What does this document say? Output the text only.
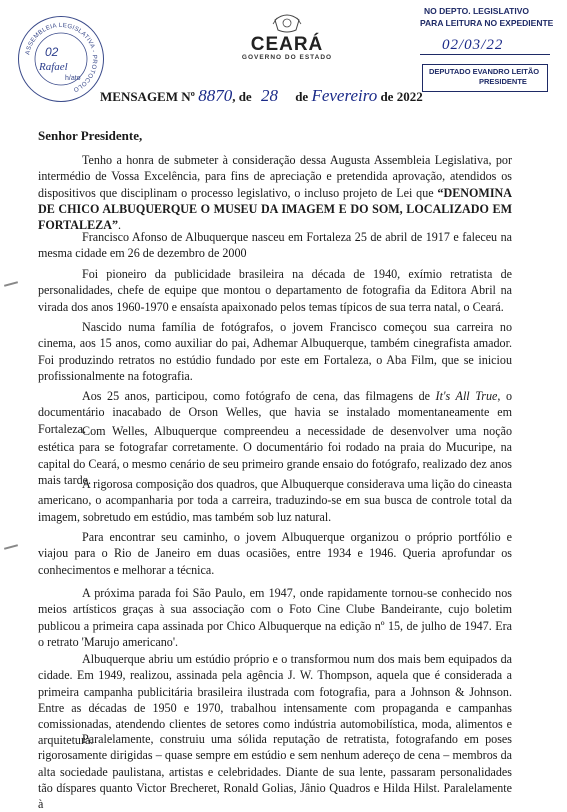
ASSEMBLEIA LEGISLATIVA - PROTOCOLO
02
Rafael
h/ato
CEARÁ
GOVERNO DO ESTADO
NO DEPTO. LEGISLATIVO
PARA LEITURA NO EXPEDIENTE
02/03/22
DEPUTADO EVANDRO LEITÃO
PRESIDENTE
MENSAGEM Nº 8870, de 28 de Fevereiro de 2022
Senhor Presidente,
Tenho a honra de submeter à consideração dessa Augusta Assembleia Legislativa, por intermédio de Vossa Excelência, para fins de apreciação e pretendida aprovação, atendidos os dispositivos que disciplinam o processo legislativo, o incluso projeto de Lei que “DENOMINA DE CHICO ALBUQUERQUE O MUSEU DA IMAGEM E DO SOM, LOCALIZADO EM FORTALEZA”.
Francisco Afonso de Albuquerque nasceu em Fortaleza 25 de abril de 1917 e faleceu na mesma cidade em 26 de dezembro de 2000
Foi pioneiro da publicidade brasileira na década de 1940, exímio retratista de personalidades, chefe de equipe que montou o departamento de fotografia da Editora Abril na virada dos anos 1960-1970 e ensaísta apaixonado pelos temas típicos de sua terra natal, o Ceará.
Nascido numa família de fotógrafos, o jovem Francisco começou sua carreira no cinema, aos 15 anos, como auxiliar do pai, Adhemar Albuquerque, também cinegrafista amador. Foi produzindo retratos no estúdio fundado por este em Fortaleza, o Aba Film, que se iniciou profissionalmente na fotografia.
Aos 25 anos, participou, como fotógrafo de cena, das filmagens de It's All True, o documentário inacabado de Orson Welles, que havia se instalado momentaneamente em Fortaleza.
Com Welles, Albuquerque compreendeu a necessidade de desenvolver uma noção estética para se fotografar corretamente. O documentário foi rodado na praia do Mucuripe, na capital do Ceará, o mesmo cenário de seu primeiro grande ensaio do fotógrafo, realizado dez anos mais tarde.
A rigorosa composição dos quadros, que Albuquerque considerava uma lição do cineasta americano, o acompanharia por toda a carreira, traduzindo-se em sua busca de controle total da imagem, sobretudo em estúdio, mas também sob luz natural.
Para encontrar seu caminho, o jovem Albuquerque organizou o próprio portfólio e viajou para o Rio de Janeiro em duas ocasiões, entre 1934 e 1946. Queria aprofundar os conhecimentos e melhorar a técnica.
A próxima parada foi São Paulo, em 1947, onde rapidamente tornou-se conhecido nos meios artísticos graças à sua associação com o Foto Cine Clube Bandeirante, cujo boletim publicou a primeira capa assinada por Chico Albuquerque na edição nº 15, de julho de 1947. Era o retrato 'Marujo americano'.
Albuquerque abriu um estúdio próprio e o transformou num dos mais bem equipados da cidade. Em 1949, realizou, assinada pela agência J. W. Thompson, aquela que é considerada a primeira campanha publicitária brasileira ilustrada com fotografia, para a Johnson & Johnson. Entre as décadas de 1950 e 1970, trabalhou intensamente com propaganda e campanhas comissionadas, atendendo clientes de setores como indústria automobilística, moda, alimentos e arquitetura.
Paralelamente, construiu uma sólida reputação de retratista, fotografando em poses rigorosamente dirigidas – quase sempre em estúdio e sem nenhum adereço de cena – membros da alta sociedade paulistana, artistas e celebridades. Diante de sua lente, passaram personalidades tão díspares quanto Victor Brecheret, Ronald Golias, Jânio Quadros e Hilda Hilst. Paralelamente à
